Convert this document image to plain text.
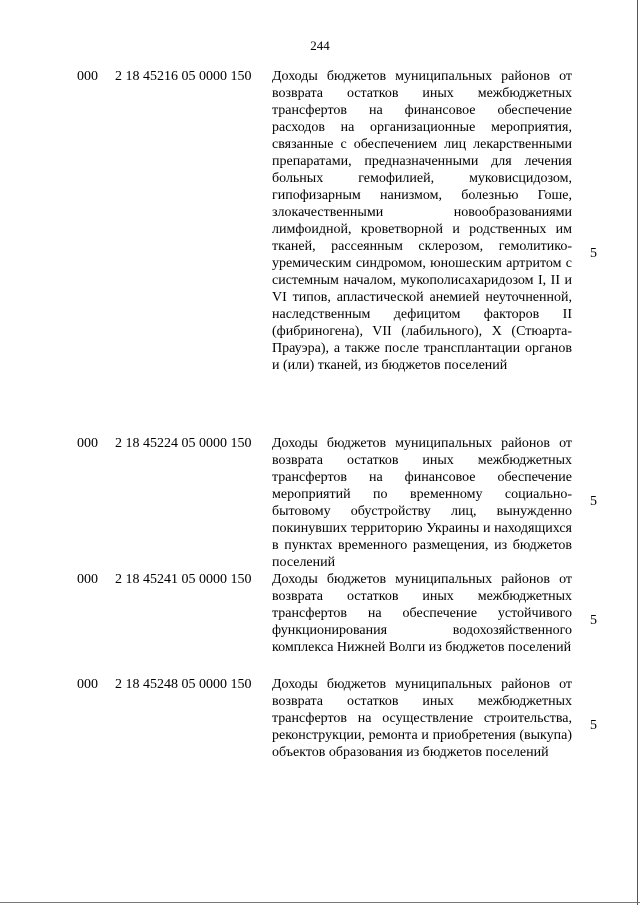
244
000 2 18 45216 05 0000 150 Доходы бюджетов муниципальных районов от возврата остатков иных межбюджетных трансфертов на финансовое обеспечение расходов на организационные мероприятия, связанные с обеспечением лиц лекарственными препаратами, предназначенными для лечения больных гемофилией, муковисцидозом, гипофизарным нанизмом, болезнью Гоше, злокачественными новообразованиями лимфоидной, кроветворной и родственных им тканей, рассеянным склерозом, гемолитико-уремическим синдромом, юношеским артритом с системным началом, мукополисахаридозом I, II и VI типов, апластической анемией неуточненной, наследственным дефицитом факторов II (фибриногена), VII (лабильного), X (Стюарта-Прауэра), а также после трансплантации органов и (или) тканей, из бюджетов поселений
5
000 2 18 45224 05 0000 150 Доходы бюджетов муниципальных районов от возврата остатков иных межбюджетных трансфертов на финансовое обеспечение мероприятий по временному социально-бытовому обустройству лиц, вынужденно покинувших территорию Украины и находящихся в пунктах временного размещения, из бюджетов поселений
5
000 2 18 45241 05 0000 150 Доходы бюджетов муниципальных районов от возврата остатков иных межбюджетных трансфертов на обеспечение устойчивого функционирования водохозяйственного комплекса Нижней Волги из бюджетов поселений
5
000 2 18 45248 05 0000 150 Доходы бюджетов муниципальных районов от возврата остатков иных межбюджетных трансфертов на осуществление строительства, реконструкции, ремонта и приобретения (выкупа) объектов образования из бюджетов поселений
5
